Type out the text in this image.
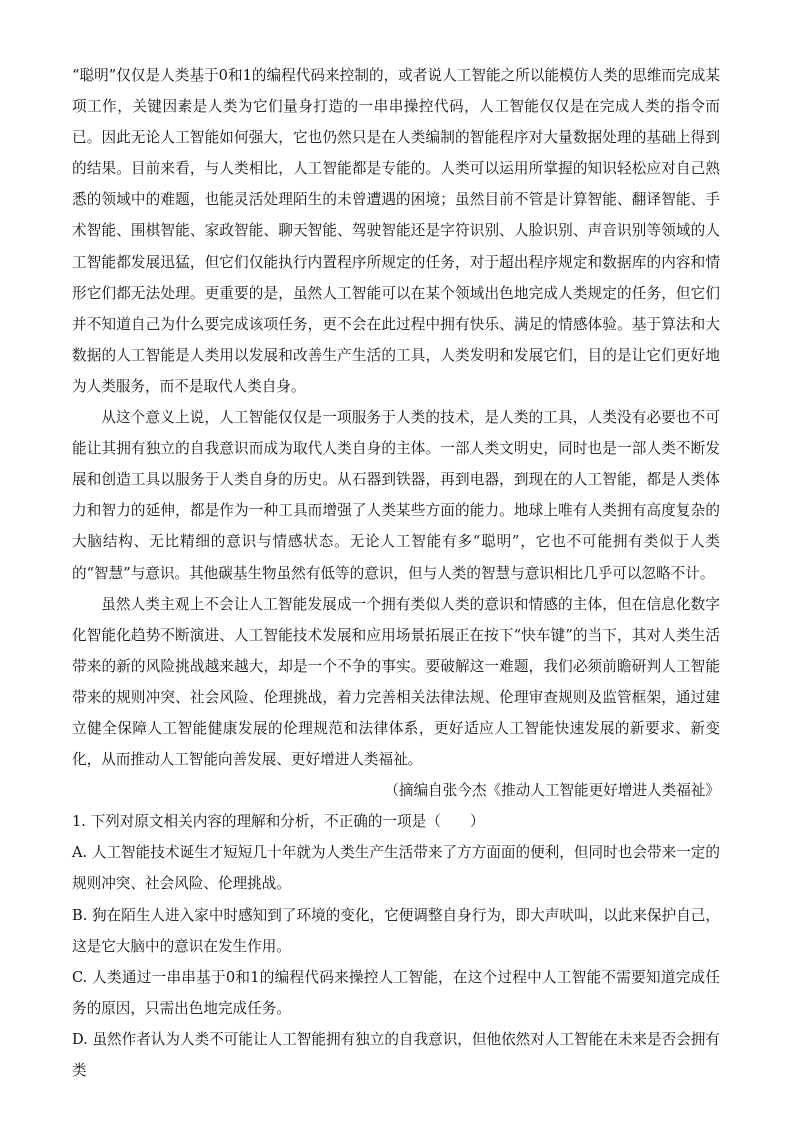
“聪明”仅仅是人类基于0和1的编程代码来控制的，或者说人工智能之所以能模仿人类的思维而完成某项工作，关键因素是人类为它们量身打造的一串串操控代码，人工智能仅仅是在完成人类的指令而已。因此无论人工智能如何强大，它也仍然只是在人类编制的智能程序对大量数据处理的基础上得到的结果。目前来看，与人类相比，人工智能都是专能的。人类可以运用所掌握的知识轻松应对自己熟悉的领域中的难题，也能灵活处理陌生的未曾遭遇的困境；虽然目前不管是计算智能、翻译智能、手术智能、围棋智能、家政智能、聊天智能、驾驶智能还是字符识别、人脸识别、声音识别等领域的人工智能都发展迅猛，但它们仅能执行内置程序所规定的任务，对于超出程序规定和数据库的内容和情形它们都无法处理。更重要的是，虽然人工智能可以在某个领域出色地完成人类规定的任务，但它们并不知道自己为什么要完成该项任务，更不会在此过程中拥有快乐、满足的情感体验。基于算法和大数据的人工智能是人类用以发展和改善生产生活的工具，人类发明和发展它们，目的是让它们更好地为人类服务，而不是取代人类自身。

从这个意义上说，人工智能仅仅是一项服务于人类的技术，是人类的工具，人类没有必要也不可能让其拥有独立的自我意识而成为取代人类自身的主体。一部人类文明史，同时也是一部人类不断发展和创造工具以服务于人类自身的历史。从石器到铁器，再到电器，到现在的人工智能，都是人类体力和智力的延伸，都是作为一种工具而增强了人类某些方面的能力。地球上唯有人类拥有高度复杂的大脑结构、无比精细的意识与情感状态。无论人工智能有多“聪明”，它也不可能拥有类似于人类的“智慧”与意识。其他碳基生物虽然有低等的意识，但与人类的智慧与意识相比几乎可以忽略不计。

虽然人类主观上不会让人工智能发展成一个拥有类似人类的意识和情感的主体，但在信息化数字化智能化趋势不断演进、人工智能技术发展和应用场景拓展正在按下“快车键”的当下，其对人类生活带来的新的风险挑战越来越大，却是一个不争的事实。要破解这一难题，我们必须前瞻研判人工智能带来的规则冲突、社会风险、伦理挑战，着力完善相关法律法规、伦理审查规则及监管框架，通过建立健全保障人工智能健康发展的伦理规范和法律体系，更好适应人工智能快速发展的新要求、新变化，从而推动人工智能向善发展、更好增进人类福祉。

（摘编自张今杰《推动人工智能更好增进人类福祉》

1. 下列对原文相关内容的理解和分析，不正确的一项是（　　）

A. 人工智能技术诞生才短短几十年就为人类生产生活带来了方方面面的便利，但同时也会带来一定的规则冲突、社会风险、伦理挑战。

B. 狗在陌生人进入家中时感知到了环境的变化，它便调整自身行为，即大声吠叫，以此来保护自己，这是它大脑中的意识在发生作用。

C. 人类通过一串串基于0和1的编程代码来操控人工智能，在这个过程中人工智能不需要知道完成任务的原因，只需出色地完成任务。

D. 虽然作者认为人类不可能让人工智能拥有独立的自我意识，但他依然对人工智能在未来是否会拥有类
